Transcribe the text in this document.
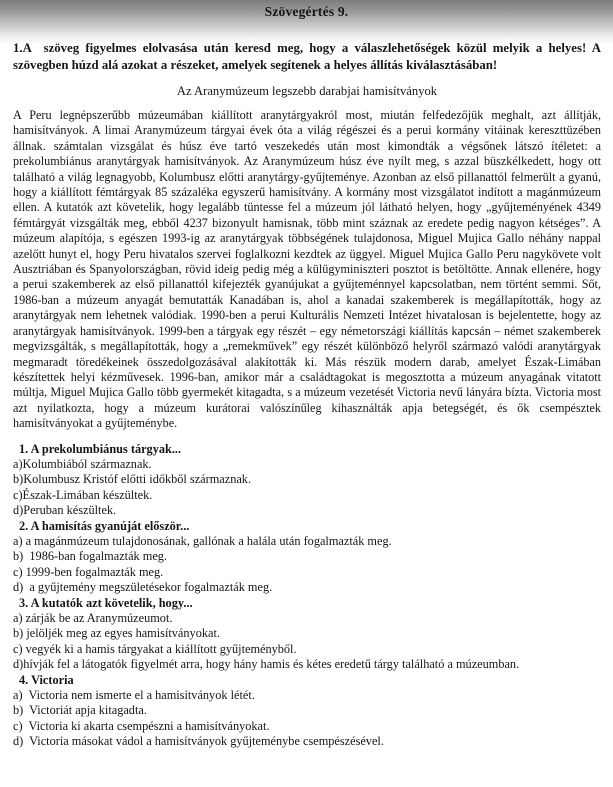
Szövegértés 9.

1.A  szöveg figyelmes elolvasása után keresd meg, hogy a válaszlehetőségek közül melyik a helyes! A szövegben húzd alá azokat a részeket, amelyek segítenek a helyes állítás kiválasztásában!

Az Aranymúzeum legszebb darabjai hamisítványok

A Peru legnépszerűbb múzeumában kiállított aranytárgyakról most, miután felfedezőjük meghalt, azt állítják, hamisítványok. A limai Aranymúzeum tárgyai évek óta a világ régészei és a perui kormány vitáinak kereszttüzében állnak. számtalan vizsgálat és húsz éve tartó veszekedés után most kimondták a végsőnek látszó ítéletet: a prekolumbiánus aranytárgyak hamisítványok. Az Aranymúzeum húsz éve nyílt meg, s azzal büszkélkedett, hogy ott található a világ legnagyobb, Kolumbusz előtti aranytárgy-gyűjteménye. Azonban az első pillanattól felmerült a gyanú, hogy a kiállított fémtárgyak 85 százaléka egyszerű hamisítvány. A kormány most vizsgálatot indított a magánmúzeum ellen. A kutatók azt követelik, hogy legalább tüntesse fel a múzeum jól látható helyen, hogy „gyűjteményének 4349 fémtárgyát vizsgálták meg, ebből 4237 bizonyult hamisnak, több mint száznak az eredete pedig nagyon kétséges”. A múzeum alapítója, s egészen 1993-ig az aranytárgyak többségének tulajdonosa, Miguel Mujica Gallo néhány nappal azelőtt hunyt el, hogy Peru hivatalos szervei foglalkozni kezdtek az üggyel. Miguel Mujica Gallo Peru nagykövete volt Ausztriában és Spanyolországban, rövid ideig pedig még a külügyminiszteri posztot is betöltötte. Annak ellenére, hogy a perui szakemberek az első pillanattól kifejezték gyanújukat a gyűjteménnyel kapcsolatban, nem történt semmi. Sőt, 1986-ban a múzeum anyagát bemutatták Kanadában is, ahol a kanadai szakemberek is megállapították, hogy az aranytárgyak nem lehetnek valódiak. 1990-ben a perui Kulturális Nemzeti Intézet hivatalosan is bejelentette, hogy az aranytárgyak hamisítványok. 1999-ben a tárgyak egy részét – egy németországi kiállítás kapcsán – német szakemberek megvizsgálták, s megállapították, hogy a „remekművek” egy részét különböző helyről származó valódi aranytárgyak megmaradt töredékeinek összedolgozásával alakították ki. Más részük modern darab, amelyet Észak-Limában készítettek helyi kézművesek. 1996-ban, amikor már a családtagokat is megosztotta a múzeum anyagának vitatott múltja, Miguel Mujica Gallo több gyermekét kitagadta, s a múzeum vezetését Victoria nevű lányára bízta. Victoria most azt nyilatkozta, hogy a múzeum kurátorai valószínűleg kihasználták apja betegségét, és ők csempésztek hamisítványokat a gyűjteménybe.

1. A prekolumbiánus tárgyak...
a)Kolumbiából származnak.
b)Kolumbusz Kristóf előtti időkből származnak.
c)Észak-Limában készültek.
d)Peruban készültek.
2. A hamisítás gyanúját először...
a) a magánmúzeum tulajdonosának, gallónak a halála után fogalmazták meg.
b)  1986-ban fogalmazták meg.
c) 1999-ben fogalmazták meg.
d)  a gyűjtemény megszületésekor fogalmazták meg.
3. A kutatók azt követelik, hogy...
a) zárják be az Aranymúzeumot.
b) jelöljék meg az egyes hamisítványokat.
c) vegyék ki a hamis tárgyakat a kiállított gyűjteményből.
d)hívják fel a látogatók figyelmét arra, hogy hány hamis és kétes eredetű tárgy található a múzeumban.
4. Victoria
a)  Victoria nem ismerte el a hamisítványok létét.
b)  Victoriát apja kitagadta.
c)  Victoria ki akarta csempészni a hamisítványokat.
d)  Victoria másokat vádol a hamisítványok gyűjteménybe csempészésével.
